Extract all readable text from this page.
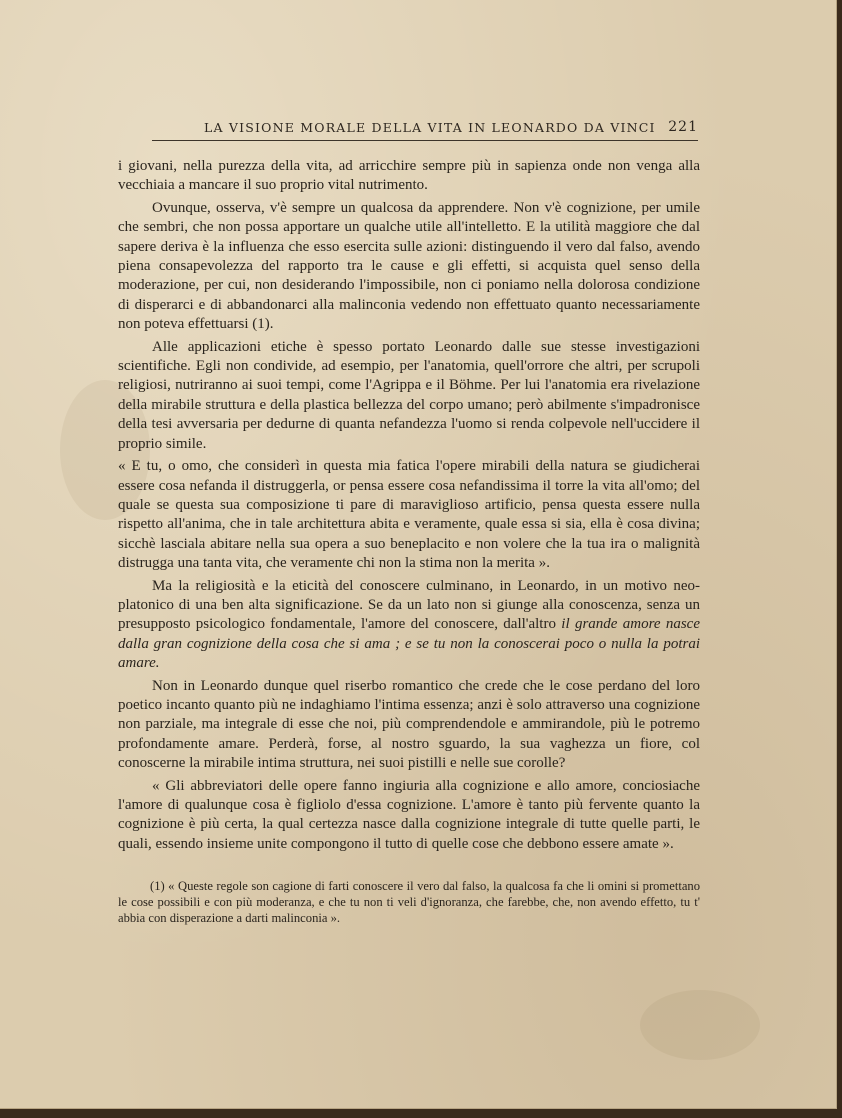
LA VISIONE MORALE DELLA VITA IN LEONARDO DA VINCI 221

i giovani, nella purezza della vita, ad arricchire sempre più in sapienza onde non venga alla vecchiaia a mancare il suo proprio vital nutrimento.

Ovunque, osserva, v'è sempre un qualcosa da apprendere. Non v'è cognizione, per umile che sembri, che non possa apportare un qualche utile all'intelletto. E la utilità maggiore che dal sapere deriva è la influenza che esso esercita sulle azioni: distinguendo il vero dal falso, avendo piena consapevolezza del rapporto tra le cause e gli effetti, si acquista quel senso della moderazione, per cui, non desiderando l'impossibile, non ci poniamo nella dolorosa condizione di disperarci e di abbandonarci alla malinconia vedendo non effettuato quanto necessariamente non poteva effettuarsi (1).

Alle applicazioni etiche è spesso portato Leonardo dalle sue stesse investigazioni scientifiche. Egli non condivide, ad esempio, per l'anatomia, quell'orrore che altri, per scrupoli religiosi, nutriranno ai suoi tempi, come l'Agrippa e il Böhme. Per lui l'anatomia era rivelazione della mirabile struttura e della plastica bellezza del corpo umano; però abilmente s'impadronisce della tesi avversaria per dedurne di quanta nefandezza l'uomo si renda colpevole nell'uccidere il proprio simile.

« E tu, o omo, che considerì in questa mia fatica l'opere mirabili della natura se giudicherai essere cosa nefanda il distruggerla, or pensa essere cosa nefandissima il torre la vita all'omo; del quale se questa sua composizione ti pare di maraviglioso artificio, pensa questa essere nulla rispetto all'anima, che in tale architettura abita e veramente, quale essa si sia, ella è cosa divina; sicchè lasciala abitare nella sua opera a suo beneplacito e non volere che la tua ira o malignità distrugga una tanta vita, che veramente chi non la stima non la merita ».

Ma la religiosità e la eticità del conoscere culminano, in Leonardo, in un motivo neo-platonico di una ben alta significazione. Se da un lato non si giunge alla conoscenza, senza un presupposto psicologico fondamentale, l'amore del conoscere, dall'altro il grande amore nasce dalla gran cognizione della cosa che si ama ; e se tu non la conoscerai poco o nulla la potrai amare.

Non in Leonardo dunque quel riserbo romantico che crede che le cose perdano del loro poetico incanto quanto più ne indaghiamo l'intima essenza; anzi è solo attraverso una cognizione non parziale, ma integrale di esse che noi, più comprendendole e ammirandole, più le potremo profondamente amare. Perderà, forse, al nostro sguardo, la sua vaghezza un fiore, col conoscerne la mirabile intima struttura, nei suoi pistilli e nelle sue corolle?

« Gli abbreviatori delle opere fanno ingiuria alla cognizione e allo amore, conciosiache l'amore di qualunque cosa è figliolo d'essa cognizione. L'amore è tanto più fervente quanto la cognizione è più certa, la qual certezza nasce dalla cognizione integrale di tutte quelle parti, le quali, essendo insieme unite compongono il tutto di quelle cose che debbono essere amate ».

(1) « Queste regole son cagione di farti conoscere il vero dal falso, la qualcosa fa che li omini si promettano le cose possibili e con più moderanza, e che tu non ti veli d'ignoranza, che farebbe, che, non avendo effetto, tu t' abbia con disperazione a darti malinconia ».
